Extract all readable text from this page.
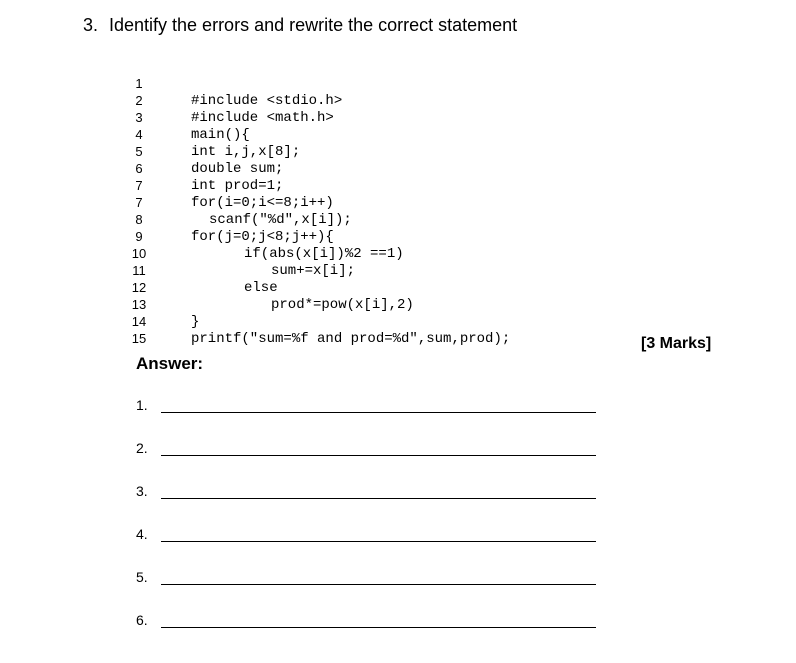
3. Identify the errors and rewrite the correct statement

1

#include <stdio.h>

2

#include <math.h>

3

main(){

4

int i,j,x[8];

5

double sum;

6

int prod=1;

7

for(i=0;i<=8;i++)

7

scanf("%d",x[i]);

8

for(j=0;j<8;j++){

9

if(abs(x[i])%2 ==1)

10

sum+=x[i];

11

else

12

prod*=pow(x[i],2)

13

}

14

printf("sum=%f and prod=%d",sum,prod);

15

	[3 Marks]
Answer:
1.
2.
3.
4.
5.
6.
